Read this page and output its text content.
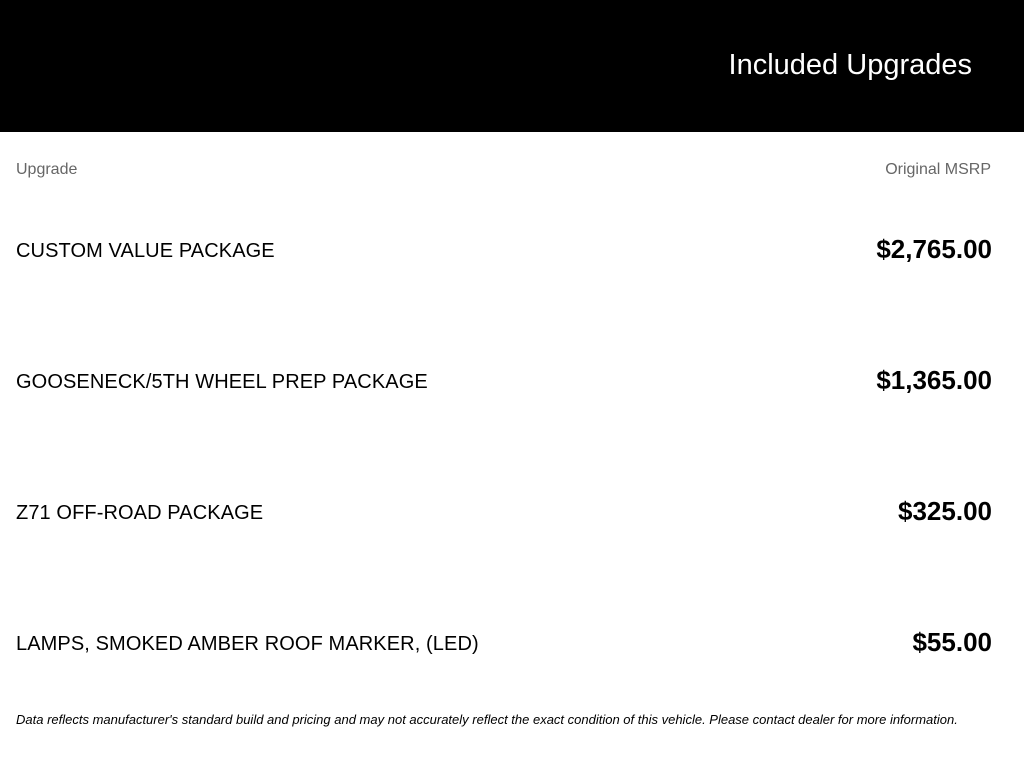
Included Upgrades
Upgrade	Original MSRP
CUSTOM VALUE PACKAGE	$2,765.00
GOOSENECK/5TH WHEEL PREP PACKAGE	$1,365.00
Z71 OFF-ROAD PACKAGE	$325.00
LAMPS, SMOKED AMBER ROOF MARKER, (LED)	$55.00
Data reflects manufacturer's standard build and pricing and may not accurately reflect the exact condition of this vehicle. Please contact dealer for more information.
